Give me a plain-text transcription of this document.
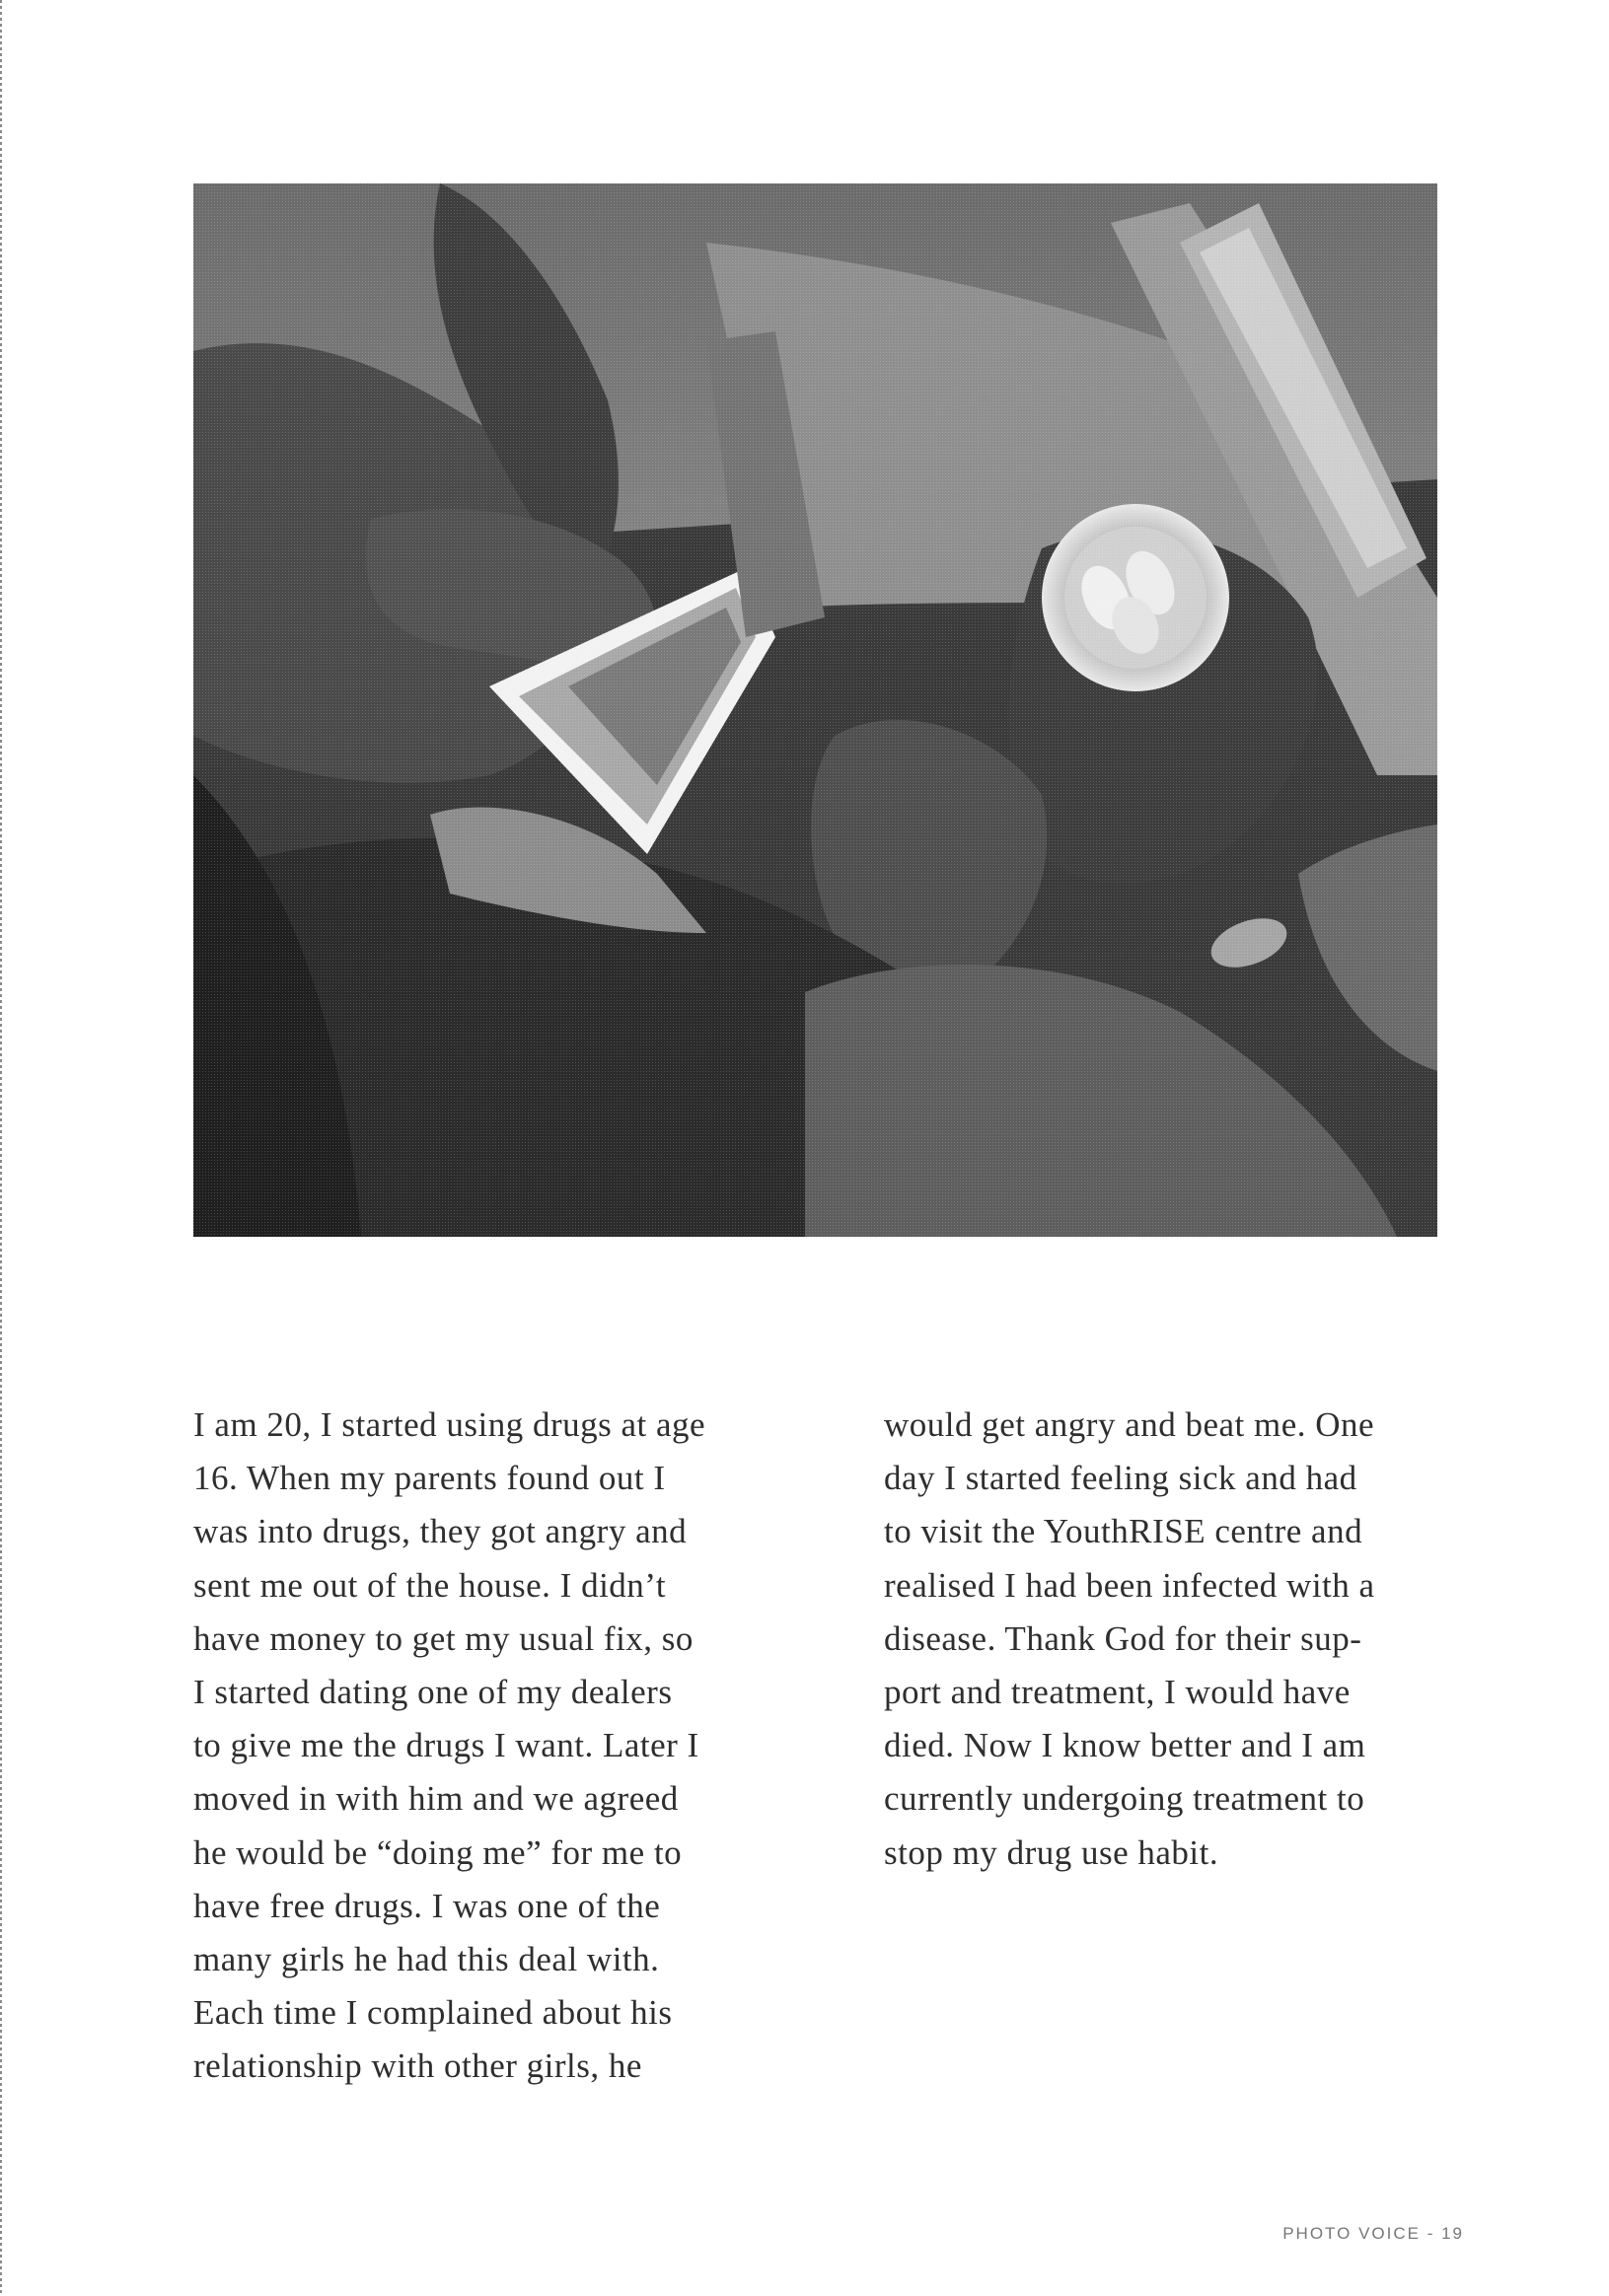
I am 20, I started using drugs at age
16. When my parents found out I
was into drugs, they got angry and
sent me out of the house. I didn’t
have money to get my usual fix, so
I started dating one of my dealers
to give me the drugs I want. Later I
moved in with him and we agreed
he would be “doing me” for me to
have free drugs. I was one of the
many girls he had this deal with.
Each time I complained about his
relationship with other girls, he
would get angry and beat me. One
day I started feeling sick and had
to visit the YouthRISE centre and
realised I had been infected with a
disease. Thank God for their sup-
port and treatment, I would have
died. Now I know better and I am
currently undergoing treatment to
stop my drug use habit.
PHOTO VOICE - 19
